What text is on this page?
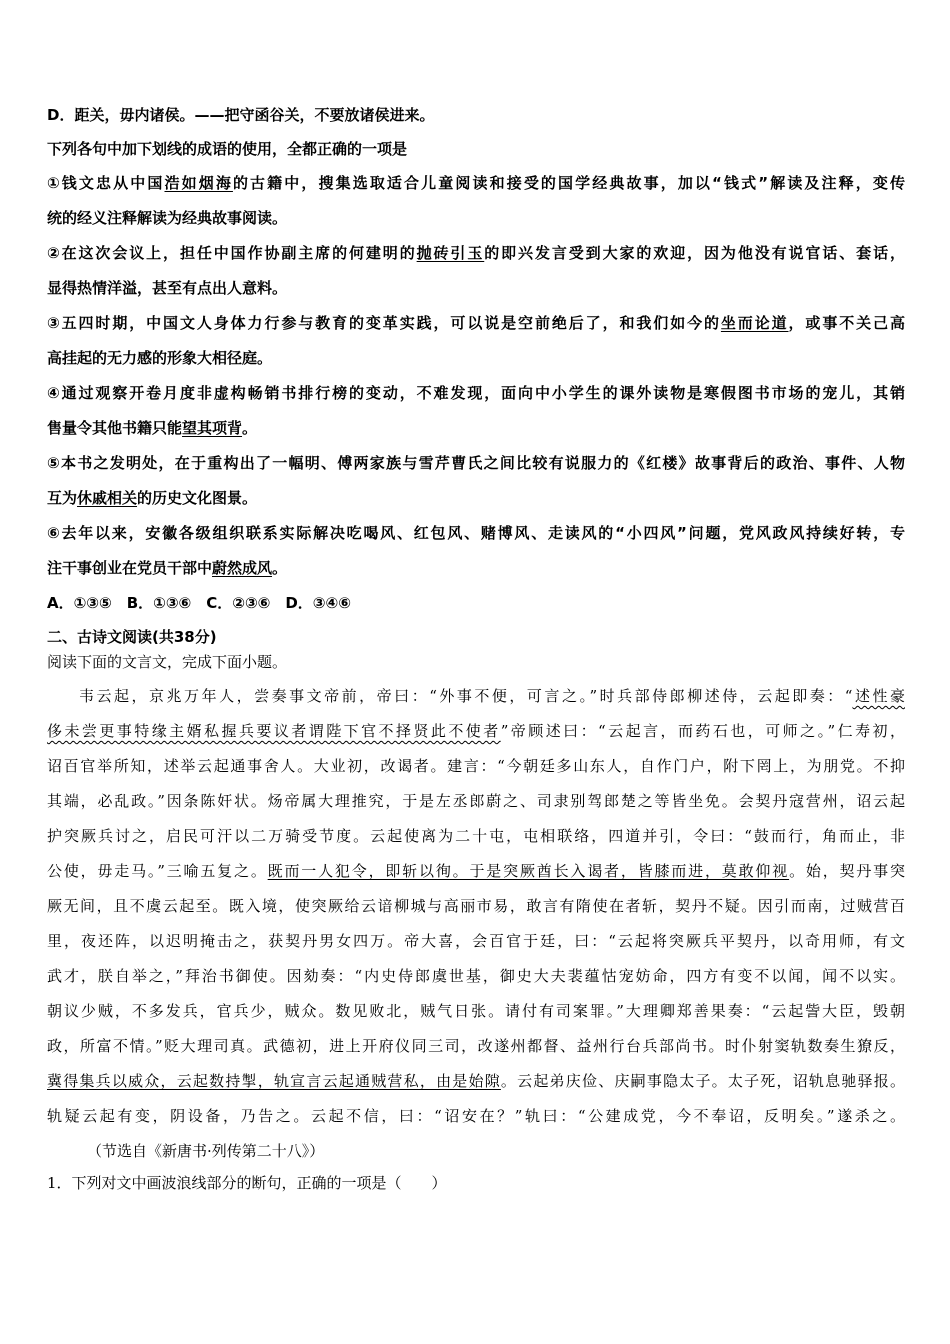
D．距关，毋内诸侯。——把守函谷关，不要放诸侯进来。
下列各句中加下划线的成语的使用，全都正确的一项是
①钱文忠从中国浩如烟海的古籍中，搜集选取适合儿童阅读和接受的国学经典故事，加以“钱式”解读及注释，变传
统的经义注释解读为经典故事阅读。
②在这次会议上，担任中国作协副主席的何建明的抛砖引玉的即兴发言受到大家的欢迎，因为他没有说官话、套话，
显得热情洋溢，甚至有点出人意料。
③五四时期，中国文人身体力行参与教育的变革实践，可以说是空前绝后了，和我们如今的坐而论道，或事不关己高
高挂起的无力感的形象大相径庭。
④通过观察开卷月度非虚构畅销书排行榜的变动，不难发现，面向中小学生的课外读物是寒假图书市场的宠儿，其销
售量令其他书籍只能望其项背。
⑤本书之发明处，在于重构出了一幅明、傅两家族与雪芹曹氏之间比较有说服力的《红楼》故事背后的政治、事件、人物
互为休戚相关的历史文化图景。
⑥去年以来，安徽各级组织联系实际解决吃喝风、红包风、赌博风、走读风的“小四风”问题，党风政风持续好转，专
注干事创业在党员干部中蔚然成风。
A．①③⑤　B．①③⑥　C．②③⑥　D．③④⑥
二、古诗文阅读(共38分)
阅读下面的文言文，完成下面小题。
韦云起，京兆万年人，尝奏事文帝前，帝曰：“外事不便，可言之。”时兵部侍郎柳述侍，云起即奏：“述性豪
侈未尝更事特缘主婿私握兵要议者谓陛下官不择贤此不使者”帝顾述曰：“云起言，而药石也，可师之。”仁寿初，
诏百官举所知，述举云起通事舍人。大业初，改谒者。建言：“今朝廷多山东人，自作门户，附下罔上，为朋党。不抑
其端，必乱政。”因条陈奸状。炀帝属大理推究，于是左丞郎蔚之、司隶别驾郎楚之等皆坐免。会契丹寇营州，诏云起
护突厥兵讨之，启民可汗以二万骑受节度。云起使离为二十屯，屯相联络，四道并引，令曰：“鼓而行，角而止，非
公使，毋走马。”三喻五复之。既而一人犯令，即斩以徇。于是突厥酋长入谒者，皆膝而进，莫敢仰视。始，契丹事突
厥无间，且不虞云起至。既入境，使突厥给云谙柳城与高丽市易，敢言有隋使在者斩，契丹不疑。因引而南，过贼营百
里，夜还阵，以迟明掩击之，获契丹男女四万。帝大喜，会百官于廷，曰：“云起将突厥兵平契丹，以奇用师，有文
武才，朕自举之，”拜治书御使。因劾奏：“内史侍郎虞世基，御史大夫裴蕴怙宠妨命，四方有变不以闻，闻不以实。
朝议少贼，不多发兵，官兵少，贼众。数见败北，贼气日张。请付有司案罪。”大理卿郑善果奏：“云起訾大臣，毁朝
政，所富不情。”贬大理司真。武德初，进上开府仪同三司，改遂州都督、益州行台兵部尚书。时仆射窦轨数奏生獠反，
冀得集兵以威众，云起数持掣，轨宣言云起通贼营私，由是始隙。云起弟庆俭、庆嗣事隐太子。太子死，诏轨息驰驿报。
轨疑云起有变，阴设备，乃告之。云起不信，曰：“诏安在？”轨曰：“公建成党，今不奉诏，反明矣。”遂杀之。
（节选自《新唐书·列传第二十八》）
1．下列对文中画波浪线部分的断句，正确的一项是（　　）
